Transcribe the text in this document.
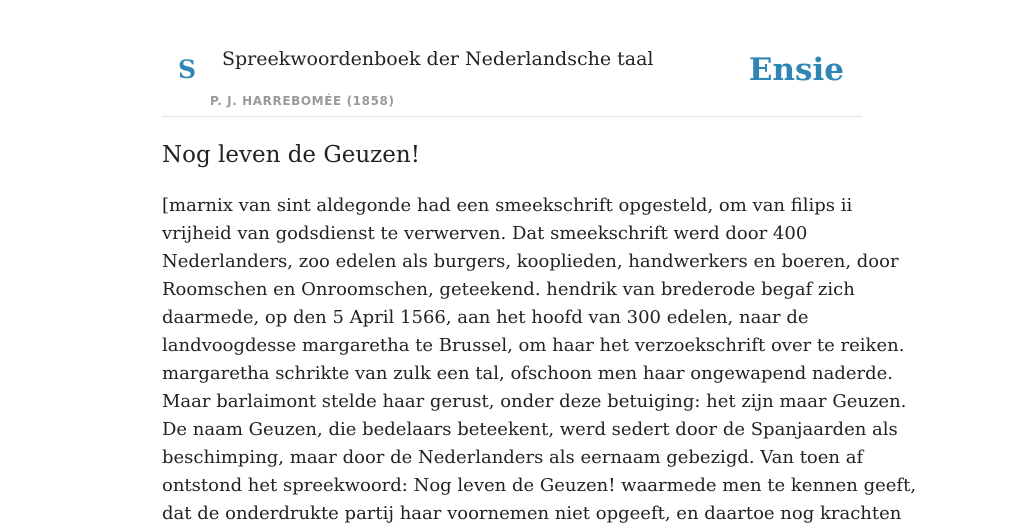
S Spreekwoordenboek der Nederlandsche taal
P. J. HARREBOMÉE (1858)
Ensie
Nog leven de Geuzen!
[marnix van sint aldegonde had een smeekschrift opgesteld, om van filips ii
vrijheid van godsdienst te verwerven. Dat smeekschrift werd door 400
Nederlanders, zoo edelen als burgers, kooplieden, handwerkers en boeren, door
Roomschen en Onroomschen, geteekend. hendrik van brederode begaf zich
daarmede, op den 5 April 1566, aan het hoofd van 300 edelen, naar de
landvoogdesse margaretha te Brussel, om haar het verzoekschrift over te reiken.
margaretha schrikte van zulk een tal, ofschoon men haar ongewapend naderde.
Maar barlaimont stelde haar gerust, onder deze betuiging: het zijn maar Geuzen.
De naam Geuzen, die bedelaars beteekent, werd sedert door de Spanjaarden als
beschimping, maar door de Nederlanders als eernaam gebezigd. Van toen af
ontstond het spreekwoord: Nog leven de Geuzen! waarmede men te kennen geeft,
dat de onderdrukte partij haar voornemen niet opgeeft, en daartoe nog krachten
